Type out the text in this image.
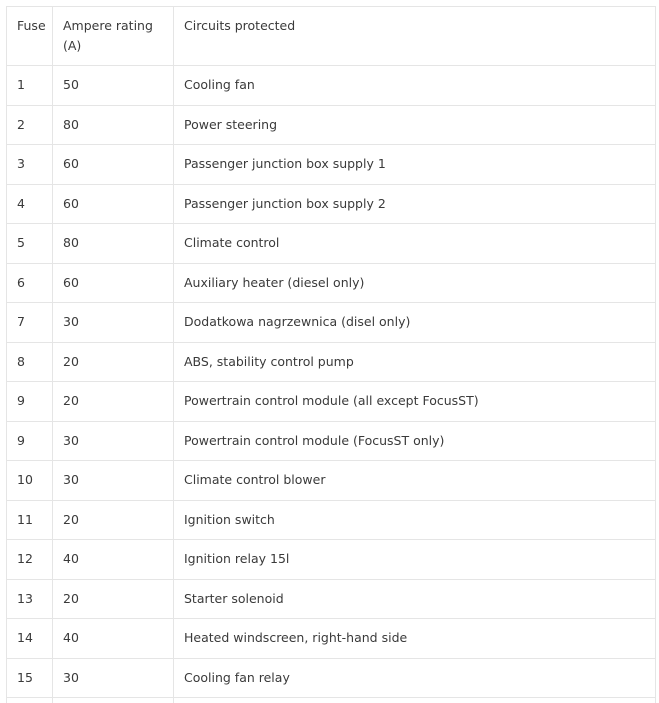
Fuse	Ampere rating (A)	Circuits protected
1	50	Cooling fan
2	80	Power steering
3	60	Passenger junction box supply 1
4	60	Passenger junction box supply 2
5	80	Climate control
6	60	Auxiliary heater (diesel only)
7	30	Dodatkowa nagrzewnica (disel only)
8	20	ABS, stability control pump
9	20	Powertrain control module (all except FocusST)
9	30	Powertrain control module (FocusST only)
10	30	Climate control blower
11	20	Ignition switch
12	40	Ignition relay 15l
13	20	Starter solenoid
14	40	Heated windscreen, right-hand side
15	30	Cooling fan relay
